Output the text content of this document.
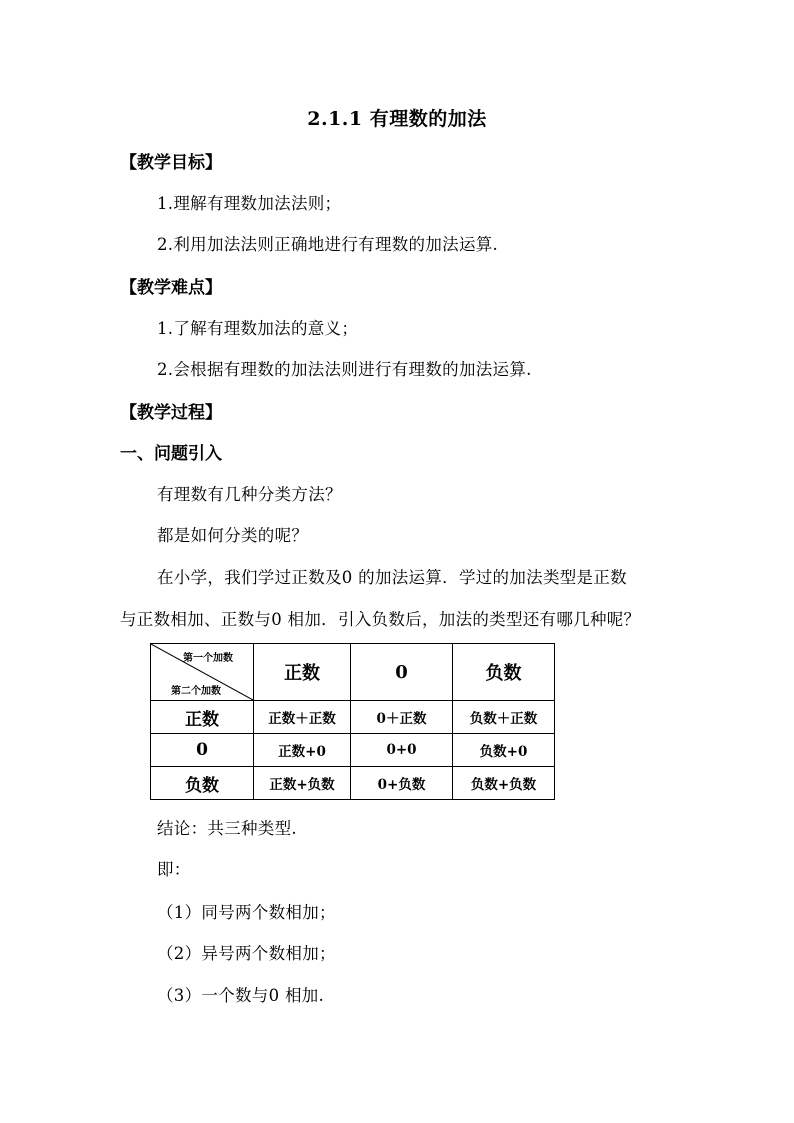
2.1.1 有理数的加法
【教学目标】
1.理解有理数加法法则；
2.利用加法法则正确地进行有理数的加法运算.
【教学难点】
1.了解有理数加法的意义；
2.会根据有理数的加法法则进行有理数的加法运算.
【教学过程】
一、问题引入
有理数有几种分类方法？
都是如何分类的呢？
在小学，我们学过正数及0 的加法运算．学过的加法类型是正数
与正数相加、正数与0 相加．引入负数后，加法的类型还有哪几种呢？
第一个加数
第二个加数	正数	0	负数
正数	正数＋正数	0＋正数	负数＋正数
0	正数+0	0+0	负数+0
负数	正数+负数	0+负数	负数+负数
结论：共三种类型.
即：
（1）同号两个数相加；
（2）异号两个数相加；
（3）一个数与0 相加.
